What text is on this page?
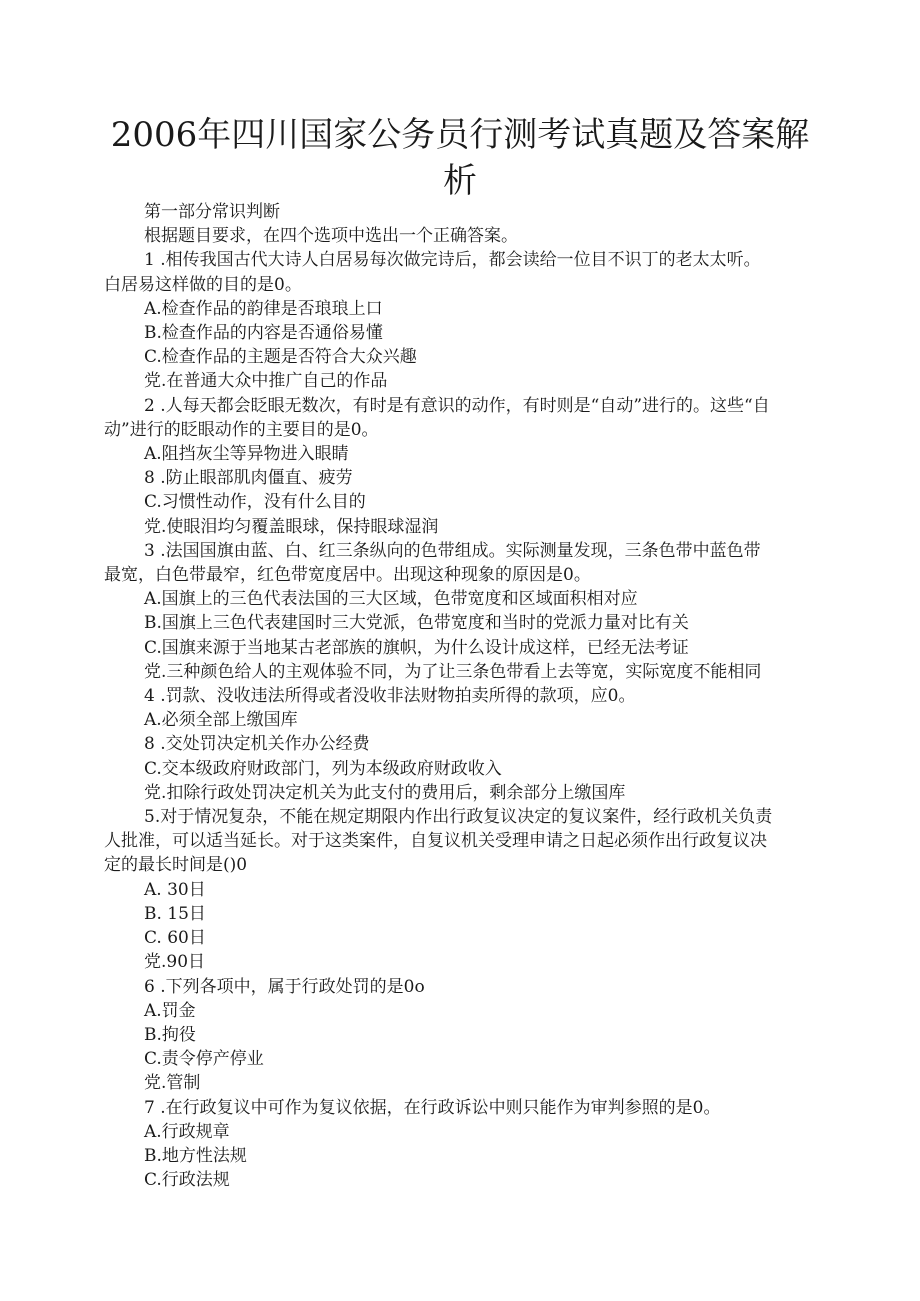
2006年四川国家公务员行测考试真题及答案解
析

第一部分常识判断

根据题目要求，在四个选项中选出一个正确答案。

1 .相传我国古代大诗人白居易每次做完诗后，都会读给一位目不识丁的老太太听。

白居易这样做的目的是0。

A.检查作品的韵律是否琅琅上口

B.检查作品的内容是否通俗易懂

C.检查作品的主题是否符合大众兴趣

党.在普通大众中推广自己的作品

2 .人每天都会眨眼无数次，有时是有意识的动作，有时则是“自动”进行的。这些“自

动”进行的眨眼动作的主要目的是0。

A.阻挡灰尘等异物进入眼睛

8 .防止眼部肌肉僵直、疲劳

C.习惯性动作，没有什么目的

党.使眼泪均匀覆盖眼球，保持眼球湿润

3 .法国国旗由蓝、白、红三条纵向的色带组成。实际测量发现，三条色带中蓝色带

最宽，白色带最窄，红色带宽度居中。出现这种现象的原因是0。

A.国旗上的三色代表法国的三大区域，色带宽度和区域面积相对应

B.国旗上三色代表建国时三大党派，色带宽度和当时的党派力量对比有关

C.国旗来源于当地某古老部族的旗帜，为什么设计成这样，已经无法考证

党.三种颜色给人的主观体验不同，为了让三条色带看上去等宽，实际宽度不能相同

4 .罚款、没收违法所得或者没收非法财物拍卖所得的款项，应0。

A.必须全部上缴国库

8 .交处罚决定机关作办公经费

C.交本级政府财政部门，列为本级政府财政收入

党.扣除行政处罚决定机关为此支付的费用后，剩余部分上缴国库

5.对于情况复杂，不能在规定期限内作出行政复议决定的复议案件，经行政机关负责

人批准，可以适当延长。对于这类案件，自复议机关受理申请之日起必须作出行政复议决

定的最长时间是()0

A. 30日

B. 15日

C. 60日

党.90日

6 .下列各项中，属于行政处罚的是0o

A.罚金

B.拘役

C.责令停产停业

党.管制

7 .在行政复议中可作为复议依据，在行政诉讼中则只能作为审判参照的是0。

A.行政规章

B.地方性法规

C.行政法规
